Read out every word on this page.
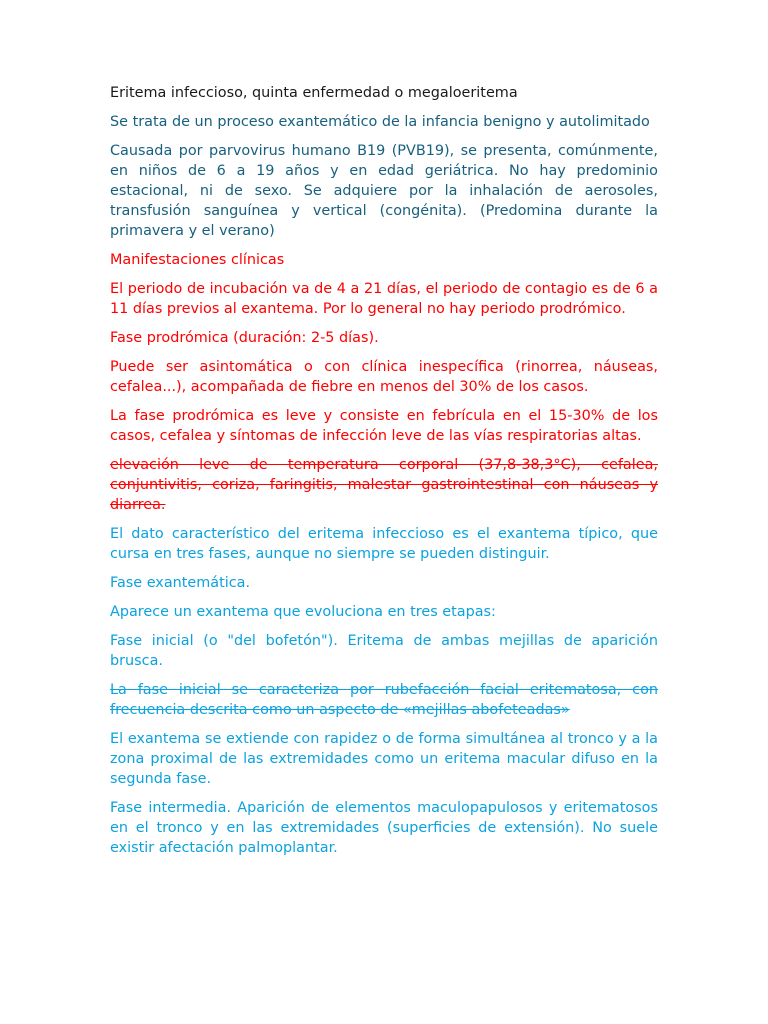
Eritema infeccioso, quinta enfermedad o megaloeritema

Se trata de un proceso exantemático de la infancia benigno y autolimitado

Causada por parvovirus humano B19 (PVB19), se presenta, comúnmente, en niños de 6 a 19 años y en edad geriátrica. No hay predominio estacional, ni de sexo. Se adquiere por la inhalación de aerosoles, transfusión sanguínea y vertical (congénita). (Predomina durante la primavera y el verano)

Manifestaciones clínicas

El periodo de incubación va de 4 a 21 días, el periodo de contagio es de 6 a 11 días previos al exantema. Por lo general no hay periodo prodrómico.

Fase prodrómica (duración: 2-5 días).

Puede ser asintomática o con clínica inespecífica (rinorrea, náuseas, cefalea...), acompañada de fiebre en menos del 30% de los casos.

La fase prodrómica es leve y consiste en febrícula en el 15-30% de los casos, cefalea y síntomas de infección leve de las vías respiratorias altas.

elevación leve de temperatura corporal (37,8-38,3°C), cefalea, conjuntivitis, coriza, faringitis, malestar gastrointestinal con náuseas y diarrea.

El dato característico del eritema infeccioso es el exantema típico, que cursa en tres fases, aunque no siempre se pueden distinguir.

Fase exantemática.

Aparece un exantema que evoluciona en tres etapas:

Fase inicial (o "del bofetón"). Eritema de ambas mejillas de aparición brusca.

La fase inicial se caracteriza por rubefacción facial eritematosa, con frecuencia descrita como un aspecto de «mejillas abofeteadas»

El exantema se extiende con rapidez o de forma simultánea al tronco y a la zona proximal de las extremidades como un eritema macular difuso en la segunda fase.

Fase intermedia. Aparición de elementos maculopapulosos y eritematosos en el tronco y en las extremidades (superficies de extensión). No suele existir afectación palmoplantar.
